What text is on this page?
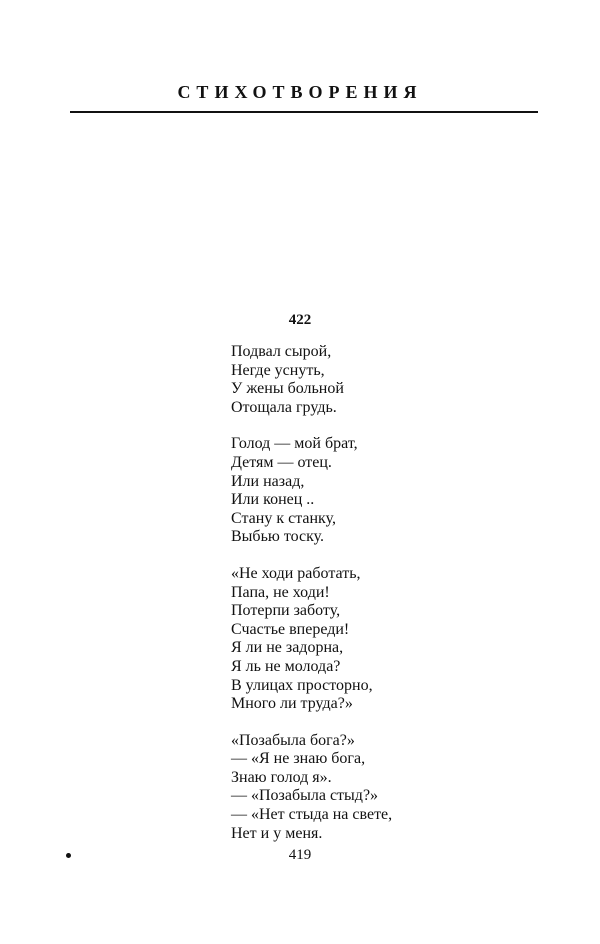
СТИХОТВОРЕНИЯ
422
Подвал сырой,
Негде уснуть,
У жены больной
Отощала грудь.
Голод — мой брат,
Детям — отец.
Или назад,
Или конец ..
Стану к станку,
Выбью тоску.
«Не ходи работать,
Папа, не ходи!
Потерпи заботу,
Счастье впереди!
Я ли не задорна,
Я ль не молода?
В улицах просторно,
Много ли труда?»
«Позабыла бога?»
— «Я не знаю бога,
Знаю голод я».
— «Позабыла стыд?»
— «Нет стыда на свете,
Нет и у меня.
419
